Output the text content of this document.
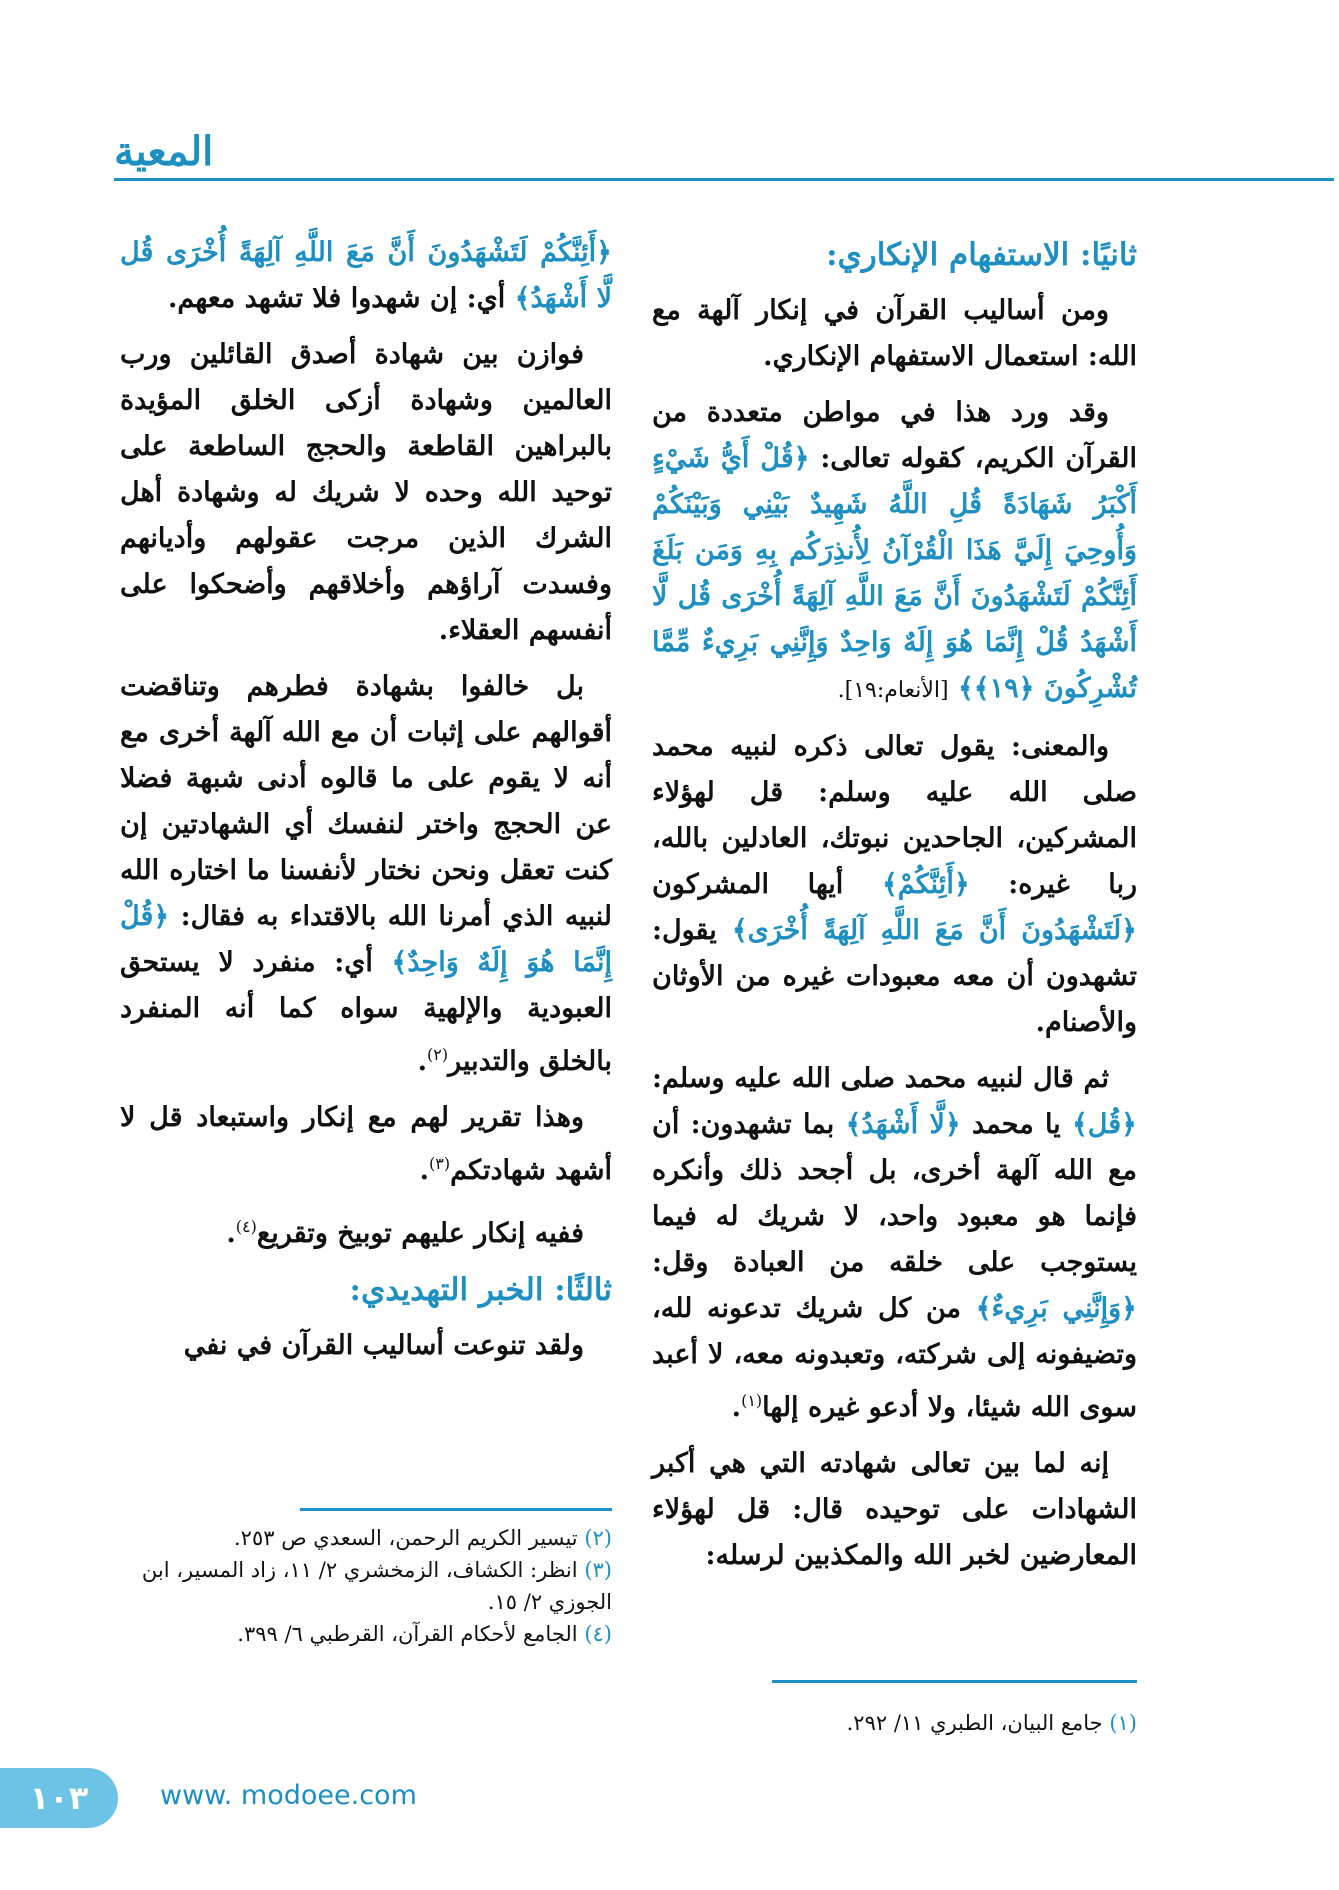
المعية

ثانيًا: الاستفهام الإنكاري:

ومن أساليب القرآن في إنكار آلهة مع الله: استعمال الاستفهام الإنكاري.

وقد ورد هذا في مواطن متعددة من القرآن الكريم، كقوله تعالى: ﴿قُلْ أَيُّ شَيْءٍ أَكْبَرُ شَهَادَةً قُلِ اللَّهُ شَهِيدٌ بَيْنِي وَبَيْنَكُمْ وَأُوحِيَ إِلَيَّ هَذَا الْقُرْآنُ لِأُنذِرَكُم بِهِ وَمَن بَلَغَ أَئِنَّكُمْ لَتَشْهَدُونَ أَنَّ مَعَ اللَّهِ آلِهَةً أُخْرَى قُل لَّا أَشْهَدُ قُلْ إِنَّمَا هُوَ إِلَهٌ وَاحِدٌ وَإِنَّنِي بَرِيءٌ مِّمَّا تُشْرِكُونَ ﴿١٩﴾﴾ [الأنعام:١٩].

والمعنى: يقول تعالى ذكره لنبيه محمد صلى الله عليه وسلم: قل لهؤلاء المشركين، الجاحدين نبوتك، العادلين بالله، ربا غيره: ﴿أَئِنَّكُمْ﴾ أيها المشركون ﴿لَتَشْهَدُونَ أَنَّ مَعَ اللَّهِ آلِهَةً أُخْرَى﴾ يقول: تشهدون أن معه معبودات غيره من الأوثان والأصنام.

ثم قال لنبيه محمد صلى الله عليه وسلم: ﴿قُل﴾ يا محمد ﴿لَّا أَشْهَدُ﴾ بما تشهدون: أن مع الله آلهة أخرى، بل أجحد ذلك وأنكره فإنما هو معبود واحد، لا شريك له فيما يستوجب على خلقه من العبادة وقل: ﴿وَإِنَّنِي بَرِيءٌ﴾ من كل شريك تدعونه لله، وتضيفونه إلى شركته، وتعبدونه معه، لا أعبد سوى الله شيئا، ولا أدعو غيره إلها$^{(١)}$.

إنه لما بين تعالى شهادته التي هي أكبر الشهادات على توحيده قال: قل لهؤلاء المعارضين لخبر الله والمكذبين لرسله:

﴿أَئِنَّكُمْ لَتَشْهَدُونَ أَنَّ مَعَ اللَّهِ آلِهَةً أُخْرَى قُل لَّا أَشْهَدُ﴾ أي: إن شهدوا فلا تشهد معهم.

فوازن بين شهادة أصدق القائلين ورب العالمين وشهادة أزكى الخلق المؤيدة بالبراهين القاطعة والحجج الساطعة على توحيد الله وحده لا شريك له وشهادة أهل الشرك الذين مرجت عقولهم وأديانهم وفسدت آراؤهم وأخلاقهم وأضحكوا على أنفسهم العقلاء.

بل خالفوا بشهادة فطرهم وتناقضت أقوالهم على إثبات أن مع الله آلهة أخرى مع أنه لا يقوم على ما قالوه أدنى شبهة فضلا عن الحجج واختر لنفسك أي الشهادتين إن كنت تعقل ونحن نختار لأنفسنا ما اختاره الله لنبيه الذي أمرنا الله بالاقتداء به فقال: ﴿قُلْ إِنَّمَا هُوَ إِلَهٌ وَاحِدٌ﴾ أي: منفرد لا يستحق العبودية والإلهية سواه كما أنه المنفرد بالخلق والتدبير$^{(٢)}$.

وهذا تقرير لهم مع إنكار واستبعاد قل لا أشهد شهادتكم$^{(٣)}$.

ففيه إنكار عليهم توبيخ وتقريع$^{(٤)}$.

ثالثًا: الخبر التهديدي:

ولقد تنوعت أساليب القرآن في نفي

(١) جامع البيان، الطبري ١١/ ٢٩٢.
(٢) تيسير الكريم الرحمن، السعدي ص ٢٥٣.
(٣) انظر: الكشاف، الزمخشري ٢/ ١١، زاد المسير، ابن الجوزي ٢/ ١٥.
(٤) الجامع لأحكام القرآن، القرطبي ٦/ ٣٩٩.
١٠٣	www. modoee.com
